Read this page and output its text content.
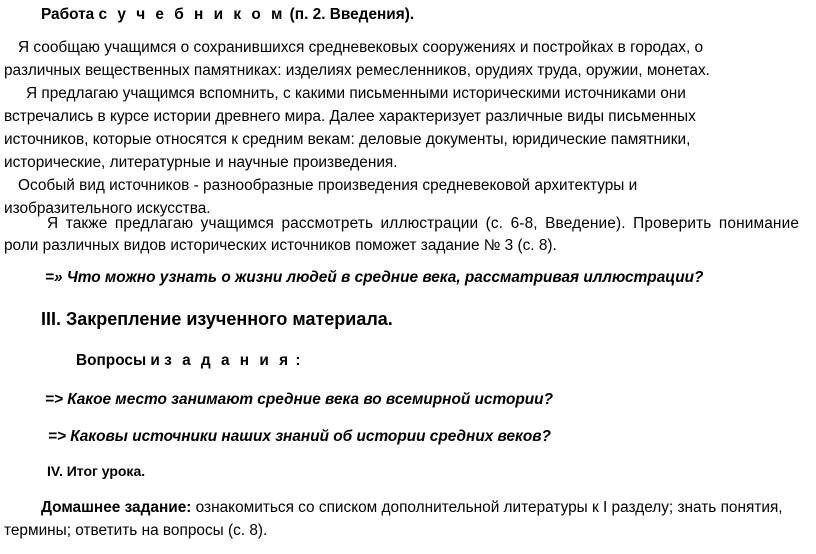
Работа с у ч е б н и к о м (п. 2. Введения).
Я сообщаю учащимся о сохранившихся средневековых сооружениях и постройках в городах, о
различных вещественных памятниках: изделиях ремесленников, орудиях труда, оружии, монетах.
Я предлагаю учащимся вспомнить, с какими письменными историческими источниками они
встречались в курсе истории древнего мира. Далее характеризует различные виды письменных
источников, которые относятся к средним векам: деловые документы, юридические памятники,
исторические, литературные и научные произведения.
Особый вид источников - разнообразные произведения средневековой архитектуры и
изобразительного искусства.
Я также предлагаю учащимся рассмотреть иллюстрации (с. 6-8, Введение). Проверить понимание
роли различных видов исторических источников поможет задание № 3 (с. 8).
=» Что можно узнать о жизни людей в средние века, рассматривая иллюстрации?
III. Закрепление изученного материала.
Вопросы и з а д а н и я :
=> Какое место занимают средние века во всемирной истории?
=> Каковы источники наших знаний об истории средних веков?
IV. Итог урока.
Домашнее задание: ознакомиться со списком дополнительной литературы к I разделу; знать понятия,
термины; ответить на вопросы (с. 8).
